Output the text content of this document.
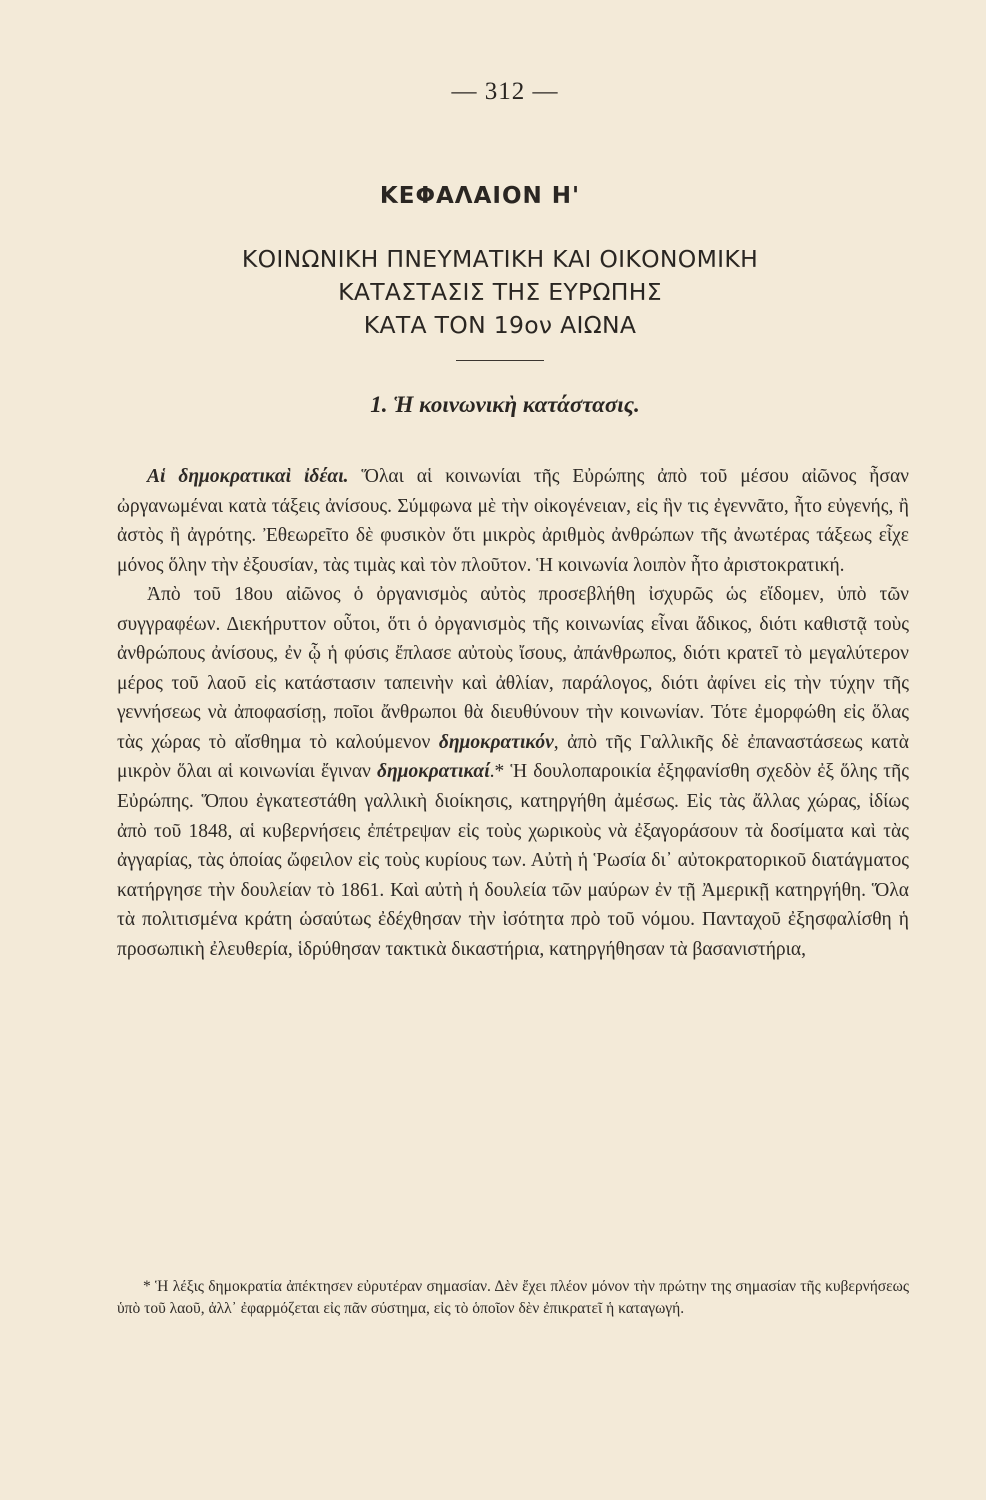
— 312 —
ΚΕΦΑΛΑΙΟΝ Η'
ΚΟΙΝΩΝΙΚΗ ΠΝΕΥΜΑΤΙΚΗ ΚΑΙ ΟΙΚΟΝΟΜΙΚΗ
ΚΑΤΑΣΤΑΣΙΣ ΤΗΣ ΕΥΡΩΠΗΣ
ΚΑΤΑ ΤΟΝ 19ον ΑΙΩΝΑ
1. Ἡ κοινωνικὴ κατάστασις.

Αἱ δημοκρατικαὶ ἰδέαι. Ὅλαι αἱ κοινωνίαι τῆς Εὐρώπης ἀπὸ τοῦ μέσου αἰῶνος ἦσαν ὠργανωμέναι κατὰ τάξεις ἀνίσους. Σύμφωνα μὲ τὴν οἰκογένειαν, εἰς ἣν τις ἐγεννᾶτο, ἦτο εὐγενής, ἢ ἀστὸς ἢ ἀγρότης. Ἐθεωρεῖτο δὲ φυσικὸν ὅτι μικρὸς ἀριθμὸς ἀνθρώπων τῆς ἀνωτέρας τάξεως εἶχε μόνος ὅλην τὴν ἐξουσίαν, τὰς τιμὰς καὶ τὸν πλοῦτον. Ἡ κοινωνία λοιπὸν ἦτο ἀριστοκρατική.

Ἀπὸ τοῦ 18ου αἰῶνος ὁ ὀργανισμὸς αὐτὸς προσεβλήθη ἰσχυρῶς ὡς εἴδομεν, ὑπὸ τῶν συγγραφέων. Διεκήρυττον οὗτοι, ὅτι ὁ ὀργανισμὸς τῆς κοινωνίας εἶναι ἄδικος, διότι καθιστᾷ τοὺς ἀνθρώπους ἀνίσους, ἐν ᾧ ἡ φύσις ἔπλασε αὐτοὺς ἴσους, ἀπάνθρωπος, διότι κρατεῖ τὸ μεγαλύτερον μέρος τοῦ λαοῦ εἰς κατάστασιν ταπεινὴν καὶ ἀθλίαν, παράλογος, διότι ἀφίνει εἰς τὴν τύχην τῆς γεννήσεως νὰ ἀποφασίσῃ, ποῖοι ἄνθρωποι θὰ διευθύνουν τὴν κοινωνίαν. Τότε ἐμορφώθη εἰς ὅλας τὰς χώρας τὸ αἴσθημα τὸ καλούμενον δημοκρατικόν, ἀπὸ τῆς Γαλλικῆς δὲ ἐπαναστάσεως κατὰ μικρὸν ὅλαι αἱ κοινωνίαι ἔγιναν δημοκρατικαί.* Ἡ δουλοπαροικία ἐξηφανίσθη σχεδὸν ἐξ ὅλης τῆς Εὐρώπης. Ὅπου ἐγκατεστάθη γαλλικὴ διοίκησις, κατηργήθη ἀμέσως. Εἰς τὰς ἄλλας χώρας, ἰδίως ἀπὸ τοῦ 1848, αἱ κυβερνήσεις ἐπέτρεψαν εἰς τοὺς χωρικοὺς νὰ ἐξαγοράσουν τὰ δοσίματα καὶ τὰς ἀγγαρίας, τὰς ὁποίας ὤφειλον εἰς τοὺς κυρίους των. Αὐτὴ ἡ Ῥωσία δι᾽ αὐτοκρατορικοῦ διατάγματος κατήργησε τὴν δουλείαν τὸ 1861. Καὶ αὐτὴ ἡ δουλεία τῶν μαύρων ἐν τῇ Ἀμερικῇ κατηργήθη. Ὅλα τὰ πολιτισμένα κράτη ὡσαύτως ἐδέχθησαν τὴν ἰσότητα πρὸ τοῦ νόμου. Πανταχοῦ ἐξησφαλίσθη ἡ προσωπικὴ ἐλευθερία, ἱδρύθησαν τακτικὰ δικαστήρια, κατηργήθησαν τὰ βασανιστήρια,

* Ἡ λέξις δημοκρατία ἀπέκτησεν εὐρυτέραν σημασίαν. Δὲν ἔχει πλέον μόνον τὴν πρώτην της σημασίαν τῆς κυβερνήσεως ὑπὸ τοῦ λαοῦ, ἀλλ᾽ ἐφαρμόζεται εἰς πᾶν σύστημα, εἰς τὸ ὁποῖον δὲν ἐπικρατεῖ ἡ καταγωγή.
